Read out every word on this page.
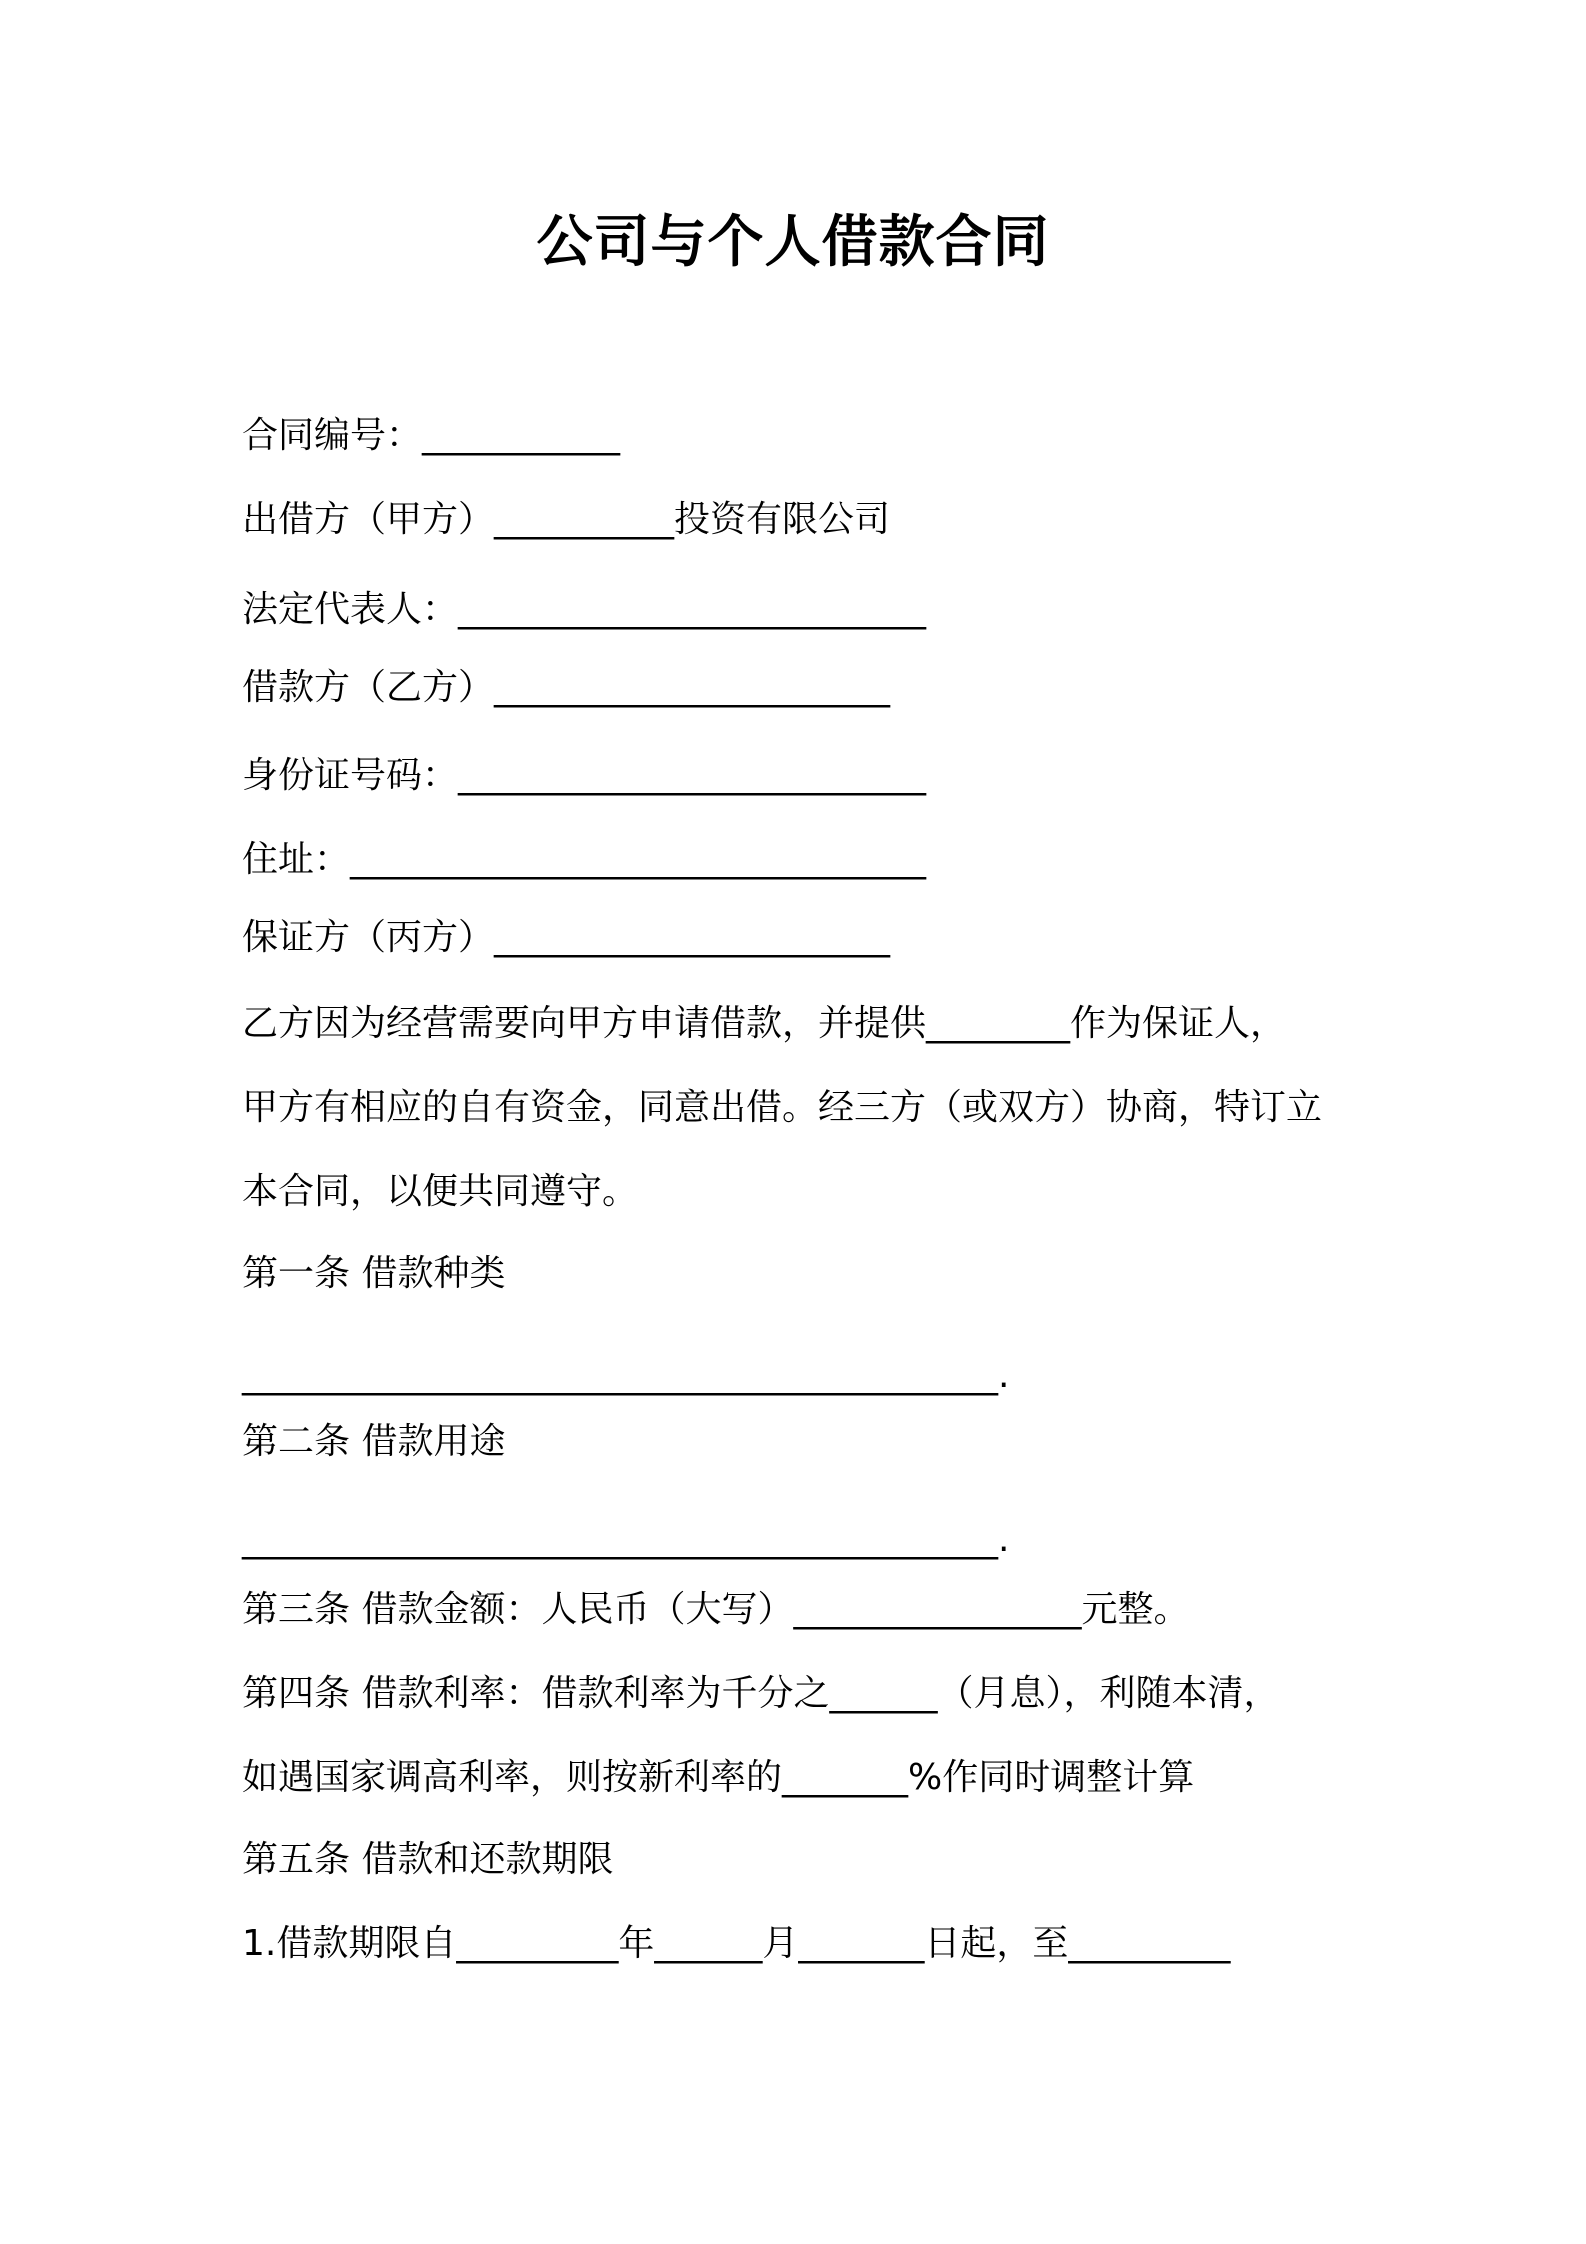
公司与个人借款合同
合同编号：___________
出借方（甲方）__________投资有限公司
法定代表人：__________________________
借款方（乙方）______________________
身份证号码：__________________________
住址：________________________________
保证方（丙方）______________________
乙方因为经营需要向甲方申请借款，并提供________作为保证人，
甲方有相应的自有资金，同意出借。经三方（或双方）协商，特订立
本合同，以便共同遵守。
第一条 借款种类
__________________________________________.
第二条 借款用途
__________________________________________.
第三条 借款金额：人民币（大写）________________元整。
第四条 借款利率：借款利率为千分之______（月息），利随本清，
如遇国家调高利率，则按新利率的_______%作同时调整计算
第五条 借款和还款期限
1.借款期限自_________年______月_______日起，至_________
